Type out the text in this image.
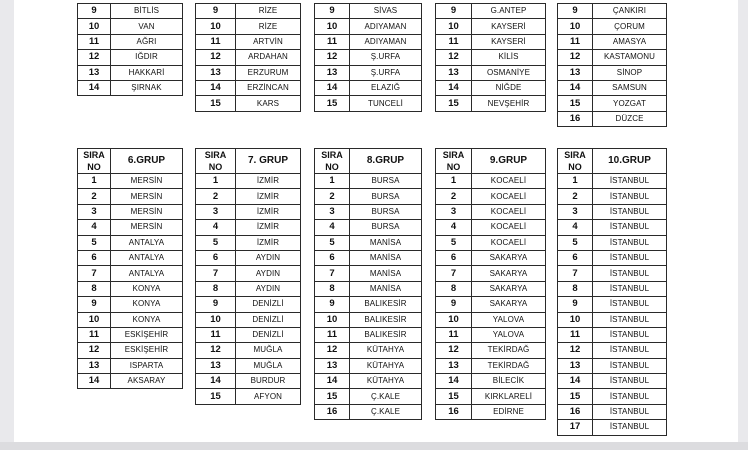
9	BİTLİS
10	VAN
11	AĞRI
12	IĞDIR
13	HAKKARİ
14	ŞIRNAK
9	RİZE
10	RİZE
11	ARTVİN
12	ARDAHAN
13	ERZURUM
14	ERZİNCAN
15	KARS
9	SİVAS
10	ADIYAMAN
11	ADIYAMAN
12	Ş.URFA
13	Ş.URFA
14	ELAZIĞ
15	TUNCELİ
9	G.ANTEP
10	KAYSERİ
11	KAYSERİ
12	KİLİS
13	OSMANİYE
14	NİĞDE
15	NEVŞEHİR
9	ÇANKIRI
10	ÇORUM
11	AMASYA
12	KASTAMONU
13	SİNOP
14	SAMSUN
15	YOZGAT
16	DÜZCE
SIRA
NO	6.GRUP
1	MERSİN
2	MERSİN
3	MERSİN
4	MERSİN
5	ANTALYA
6	ANTALYA
7	ANTALYA
8	KONYA
9	KONYA
10	KONYA
11	ESKİŞEHİR
12	ESKİŞEHİR
13	ISPARTA
14	AKSARAY
SIRA
NO	7. GRUP
1	İZMİR
2	İZMİR
3	İZMİR
4	İZMİR
5	İZMİR
6	AYDIN
7	AYDIN
8	AYDIN
9	DENİZLİ
10	DENİZLİ
11	DENİZLİ
12	MUĞLA
13	MUĞLA
14	BURDUR
15	AFYON
SIRA
NO	8.GRUP
1	BURSA
2	BURSA
3	BURSA
4	BURSA
5	MANİSA
6	MANİSA
7	MANİSA
8	MANİSA
9	BALIKESİR
10	BALIKESİR
11	BALIKESİR
12	KÜTAHYA
13	KÜTAHYA
14	KÜTAHYA
15	Ç.KALE
16	Ç.KALE
SIRA
NO	9.GRUP
1	KOCAELİ
2	KOCAELİ
3	KOCAELİ
4	KOCAELİ
5	KOCAELİ
6	SAKARYA
7	SAKARYA
8	SAKARYA
9	SAKARYA
10	YALOVA
11	YALOVA
12	TEKİRDAĞ
13	TEKİRDAĞ
14	BİLECİK
15	KIRKLARELİ
16	EDİRNE
SIRA
NO	10.GRUP
1	İSTANBUL
2	İSTANBUL
3	İSTANBUL
4	İSTANBUL
5	İSTANBUL
6	İSTANBUL
7	İSTANBUL
8	İSTANBUL
9	İSTANBUL
10	İSTANBUL
11	İSTANBUL
12	İSTANBUL
13	İSTANBUL
14	İSTANBUL
15	İSTANBUL
16	İSTANBUL
17	İSTANBUL
